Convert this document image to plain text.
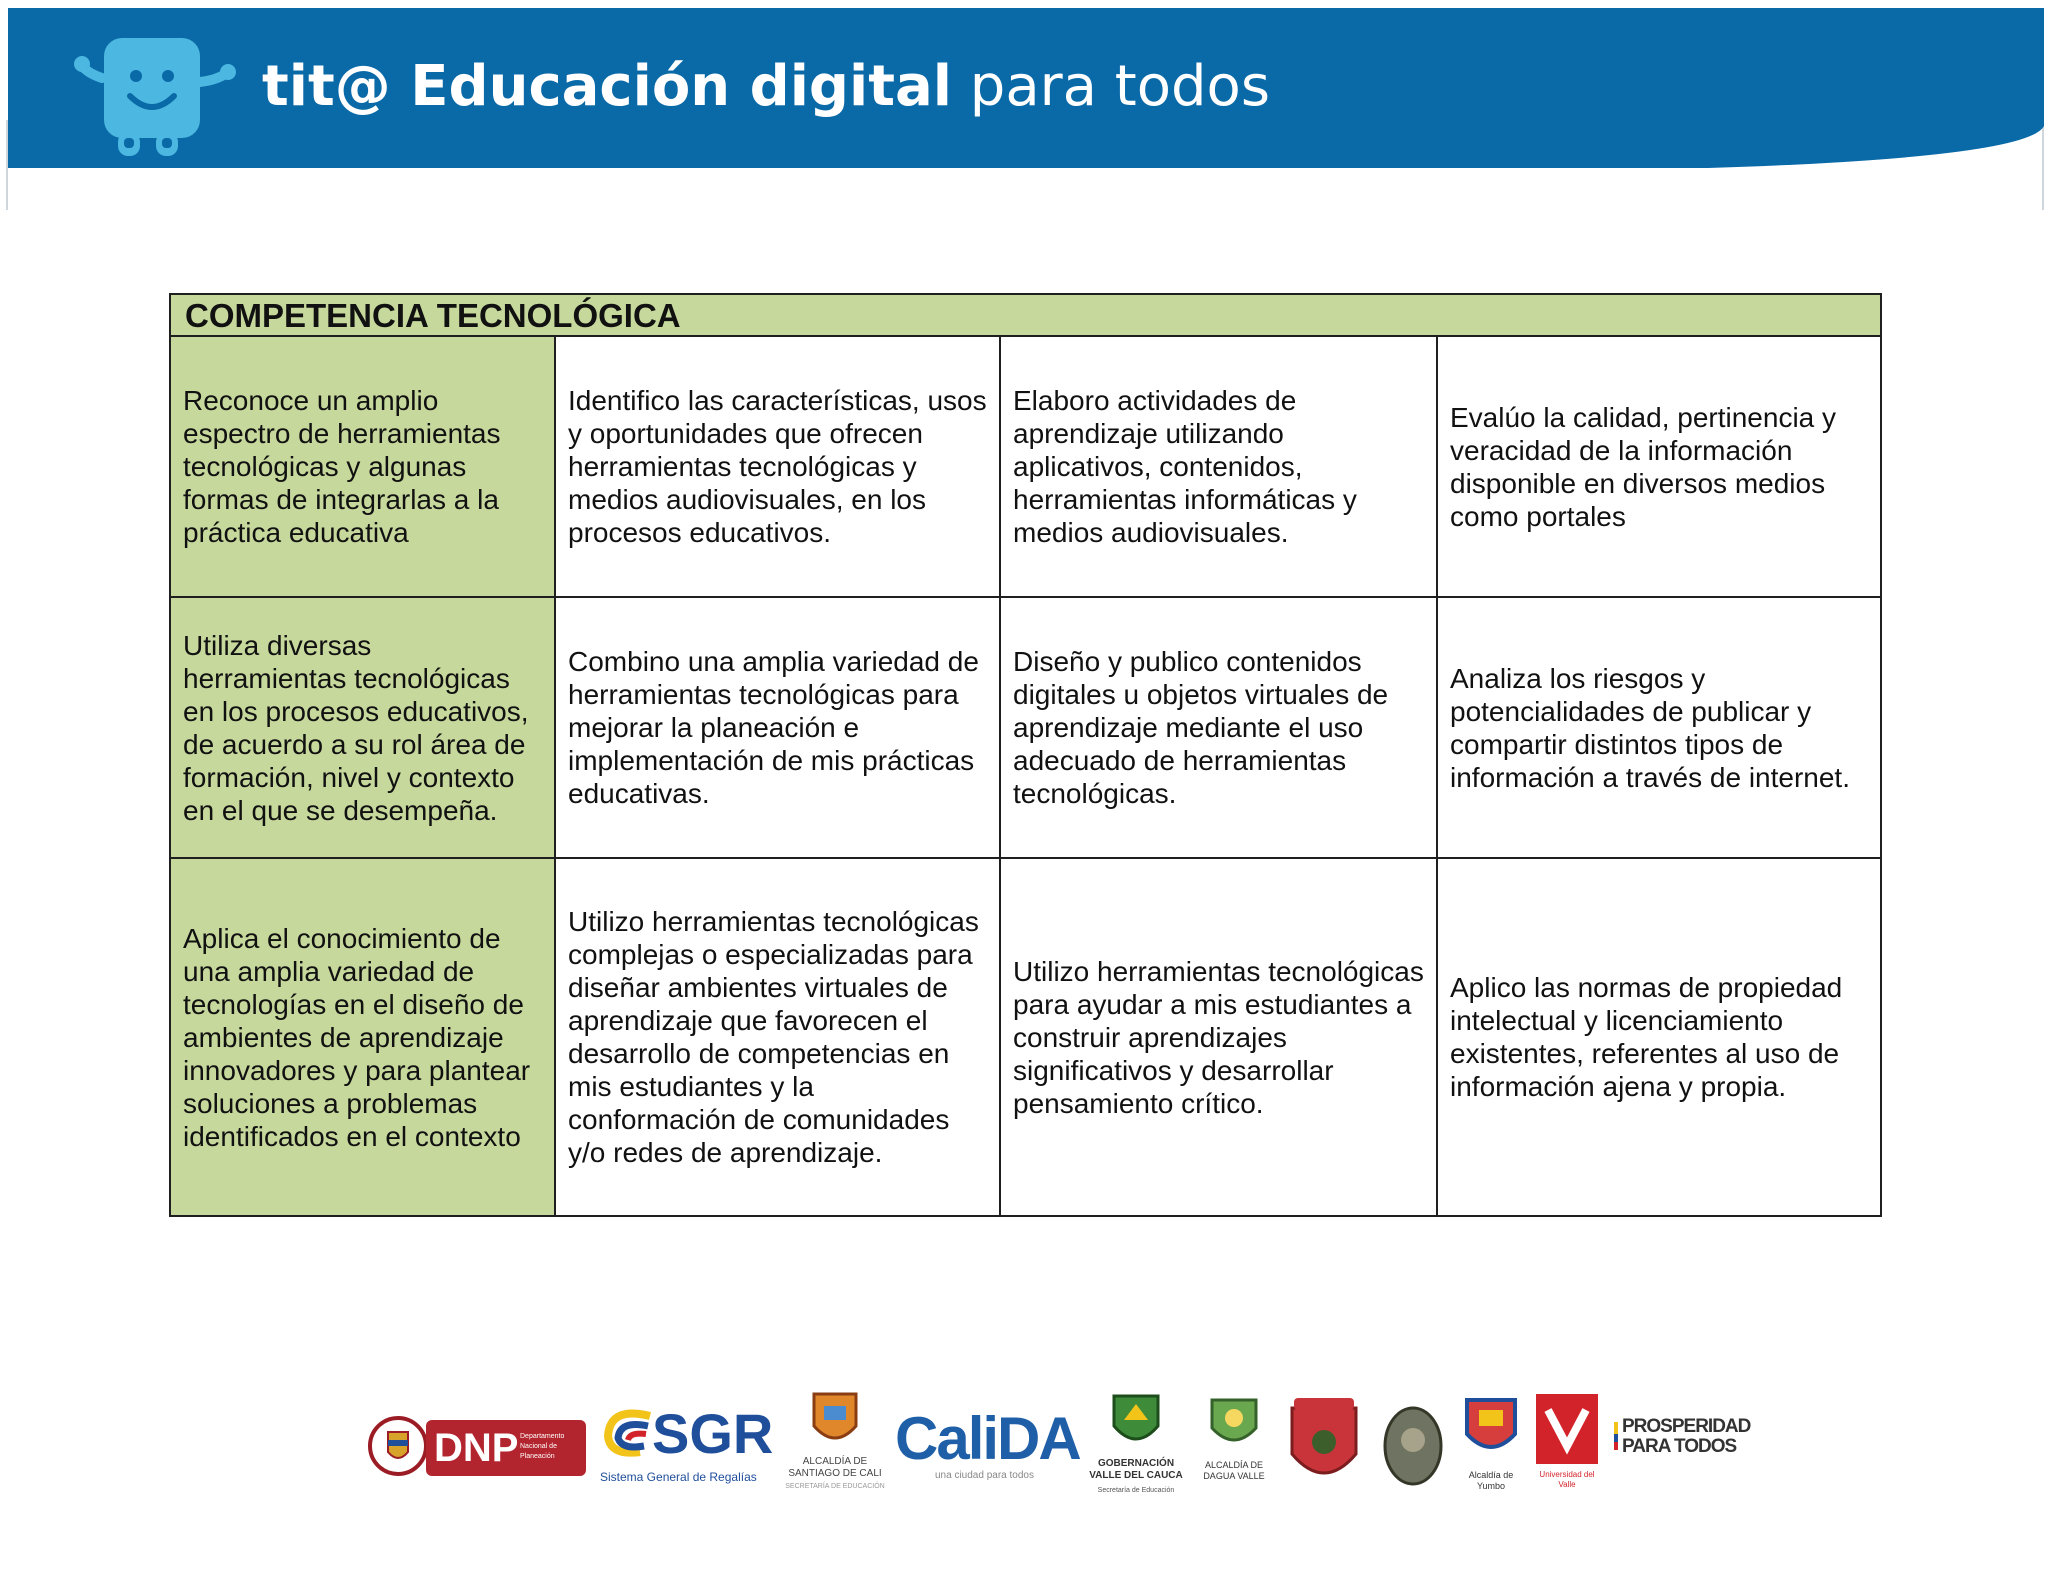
tit@ Educación digital para todos
COMPETENCIA TECNOLÓGICA			
Reconoce un amplio espectro de herramientas tecnológicas y algunas formas de integrarlas a la práctica educativa	Identifico las características, usos y oportunidades que ofrecen herramientas tecnológicas y medios audiovisuales, en los procesos educativos.	Elaboro actividades de aprendizaje utilizando aplicativos, contenidos, herramientas informáticas y medios audiovisuales.	Evalúo la calidad, pertinencia y veracidad de la información disponible en diversos medios como portales
Utiliza diversas herramientas tecnológicas en los procesos educativos, de acuerdo a su rol área de formación, nivel y contexto en el que se desempeña.	Combino una amplia variedad de herramientas tecnológicas para mejorar la planeación e implementación de mis prácticas educativas.	Diseño y publico contenidos digitales u objetos virtuales de aprendizaje mediante el uso adecuado de herramientas tecnológicas.	Analiza los riesgos y potencialidades de publicar y compartir distintos tipos de información a través de internet.
Aplica el conocimiento de una amplia variedad de tecnologías en el diseño de ambientes de aprendizaje innovadores y para plantear soluciones a problemas identificados en el contexto	Utilizo herramientas tecnológicas complejas o especializadas para diseñar ambientes virtuales de aprendizaje que favorecen el desarrollo de competencias en mis estudiantes y la conformación de comunidades y/o redes de aprendizaje.	Utilizo herramientas tecnológicas para ayudar a mis estudiantes a construir aprendizajes significativos y desarrollar pensamiento crítico.	Aplico las normas de propiedad intelectual y licenciamiento existentes, referentes al uso de información ajena y propia.
DNP Departamento Nacional de Planeación	SGR
Sistema General de Regalías
ALCALDÍA DE SANTIAGO DE CALI
SECRETARÍA DE EDUCACIÓN
CaliDA
una ciudad para todos
GOBERNACIÓN VALLE DEL CAUCA
Secretaría de Educación
ALCALDÍA DE DAGUA VALLE	Alcaldía de Yumbo
Universidad del Valle
PROSPERIDAD
PARA TODOS
